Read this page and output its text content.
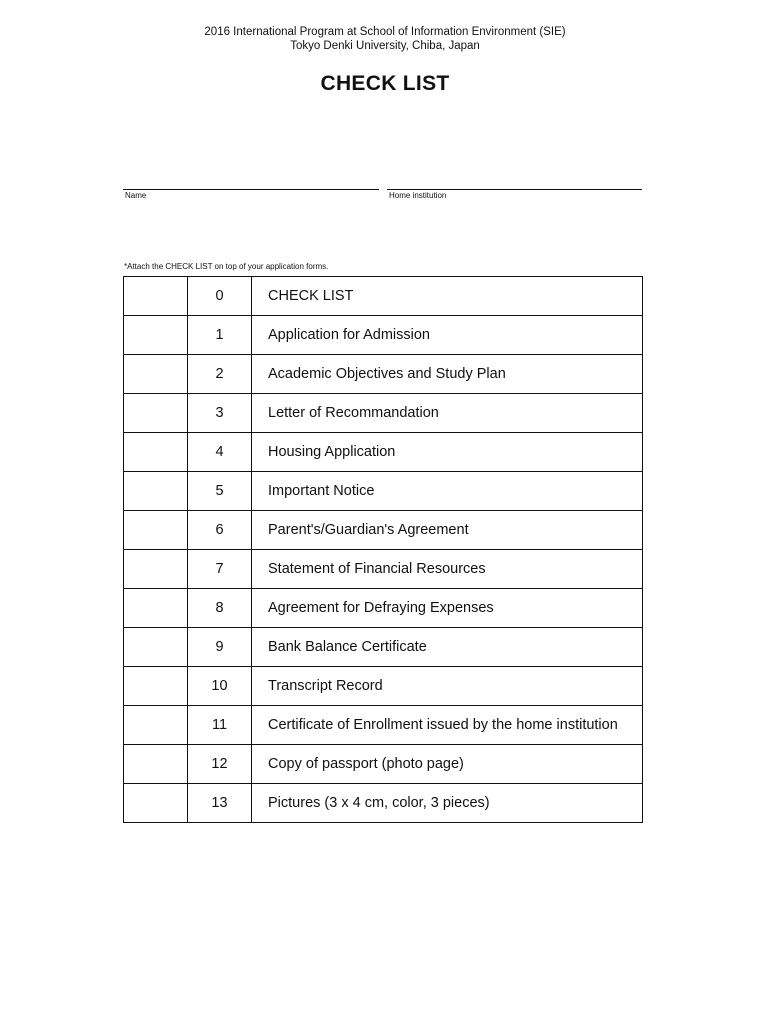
2016 International Program at School of Information Environment (SIE)
Tokyo Denki University, Chiba, Japan
CHECK LIST
Name	Home institution
*Attach the CHECK LIST on top of your application forms.
	0	CHECK LIST
	1	Application for Admission
	2	Academic Objectives and Study Plan
	3	Letter of Recommandation
	4	Housing Application
	5	Important Notice
	6	Parent's/Guardian's Agreement
	7	Statement of Financial Resources
	8	Agreement for Defraying Expenses
	9	Bank Balance Certificate
	10	Transcript Record
	11	Certificate of Enrollment issued by the home institution
	12	Copy of passport (photo page)
	13	Pictures (3 x 4 cm, color, 3 pieces)
